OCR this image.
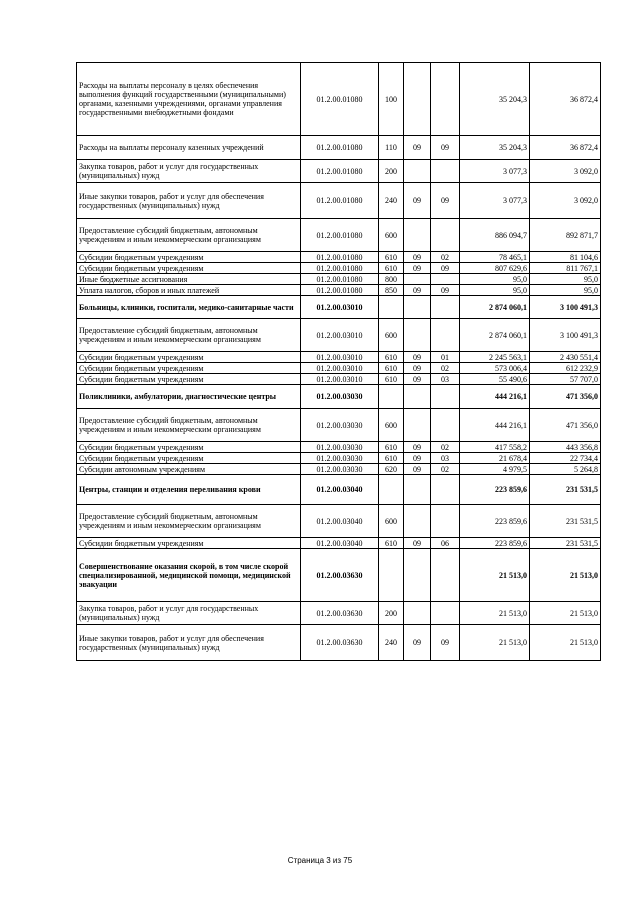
Расходы на выплаты персоналу в целях обеспечения выполнения функций государственными (муниципальными) органами, казенными учреждениями, органами управления государственными внебюджетными фондами	01.2.00.01080	100			35 204,3	36 872,4
Расходы на выплаты персоналу казенных учреждений	01.2.00.01080	110	09	09	35 204,3	36 872,4
Закупка товаров, работ и услуг для государственных (муниципальных) нужд	01.2.00.01080	200			3 077,3	3 092,0
Иные закупки товаров, работ и услуг для обеспечения государственных (муниципальных) нужд	01.2.00.01080	240	09	09	3 077,3	3 092,0
Предоставление субсидий бюджетным, автономным учреждениям и иным некоммерческим организациям	01.2.00.01080	600			886 094,7	892 871,7
Субсидии бюджетным учреждениям	01.2.00.01080	610	09	02	78 465,1	81 104,6
Субсидии бюджетным учреждениям	01.2.00.01080	610	09	09	807 629,6	811 767,1
Иные бюджетные ассигнования	01.2.00.01080	800			95,0	95,0
Уплата налогов, сборов и иных платежей	01.2.00.01080	850	09	09	95,0	95,0
Больницы, клиники, госпитали, медико-санитарные части	01.2.00.03010				2 874 060,1	3 100 491,3
Предоставление субсидий бюджетным, автономным учреждениям и иным некоммерческим организациям	01.2.00.03010	600			2 874 060,1	3 100 491,3
Субсидии бюджетным учреждениям	01.2.00.03010	610	09	01	2 245 563,1	2 430 551,4
Субсидии бюджетным учреждениям	01.2.00.03010	610	09	02	573 006,4	612 232,9
Субсидии бюджетным учреждениям	01.2.00.03010	610	09	03	55 490,6	57 707,0
Поликлиники, амбулатории, диагностические центры	01.2.00.03030				444 216,1	471 356,0
Предоставление субсидий бюджетным, автономным учреждениям и иным некоммерческим организациям	01.2.00.03030	600			444 216,1	471 356,0
Субсидии бюджетным учреждениям	01.2.00.03030	610	09	02	417 558,2	443 356,8
Субсидии бюджетным учреждениям	01.2.00.03030	610	09	03	21 678,4	22 734,4
Субсидии автономным учреждениям	01.2.00.03030	620	09	02	4 979,5	5 264,8
Центры, станции и отделения переливания крови	01.2.00.03040				223 859,6	231 531,5
Предоставление субсидий бюджетным, автономным учреждениям и иным некоммерческим организациям	01.2.00.03040	600			223 859,6	231 531,5
Субсидии бюджетным учреждениям	01.2.00.03040	610	09	06	223 859,6	231 531,5
Совершенствование оказания скорой, в том числе скорой специализированной, медицинской помощи, медицинской эвакуации	01.2.00.03630				21 513,0	21 513,0
Закупка товаров, работ и услуг для государственных (муниципальных) нужд	01.2.00.03630	200			21 513,0	21 513,0
Иные закупки товаров, работ и услуг для обеспечения государственных (муниципальных) нужд	01.2.00.03630	240	09	09	21 513,0	21 513,0
Страница 3 из 75
